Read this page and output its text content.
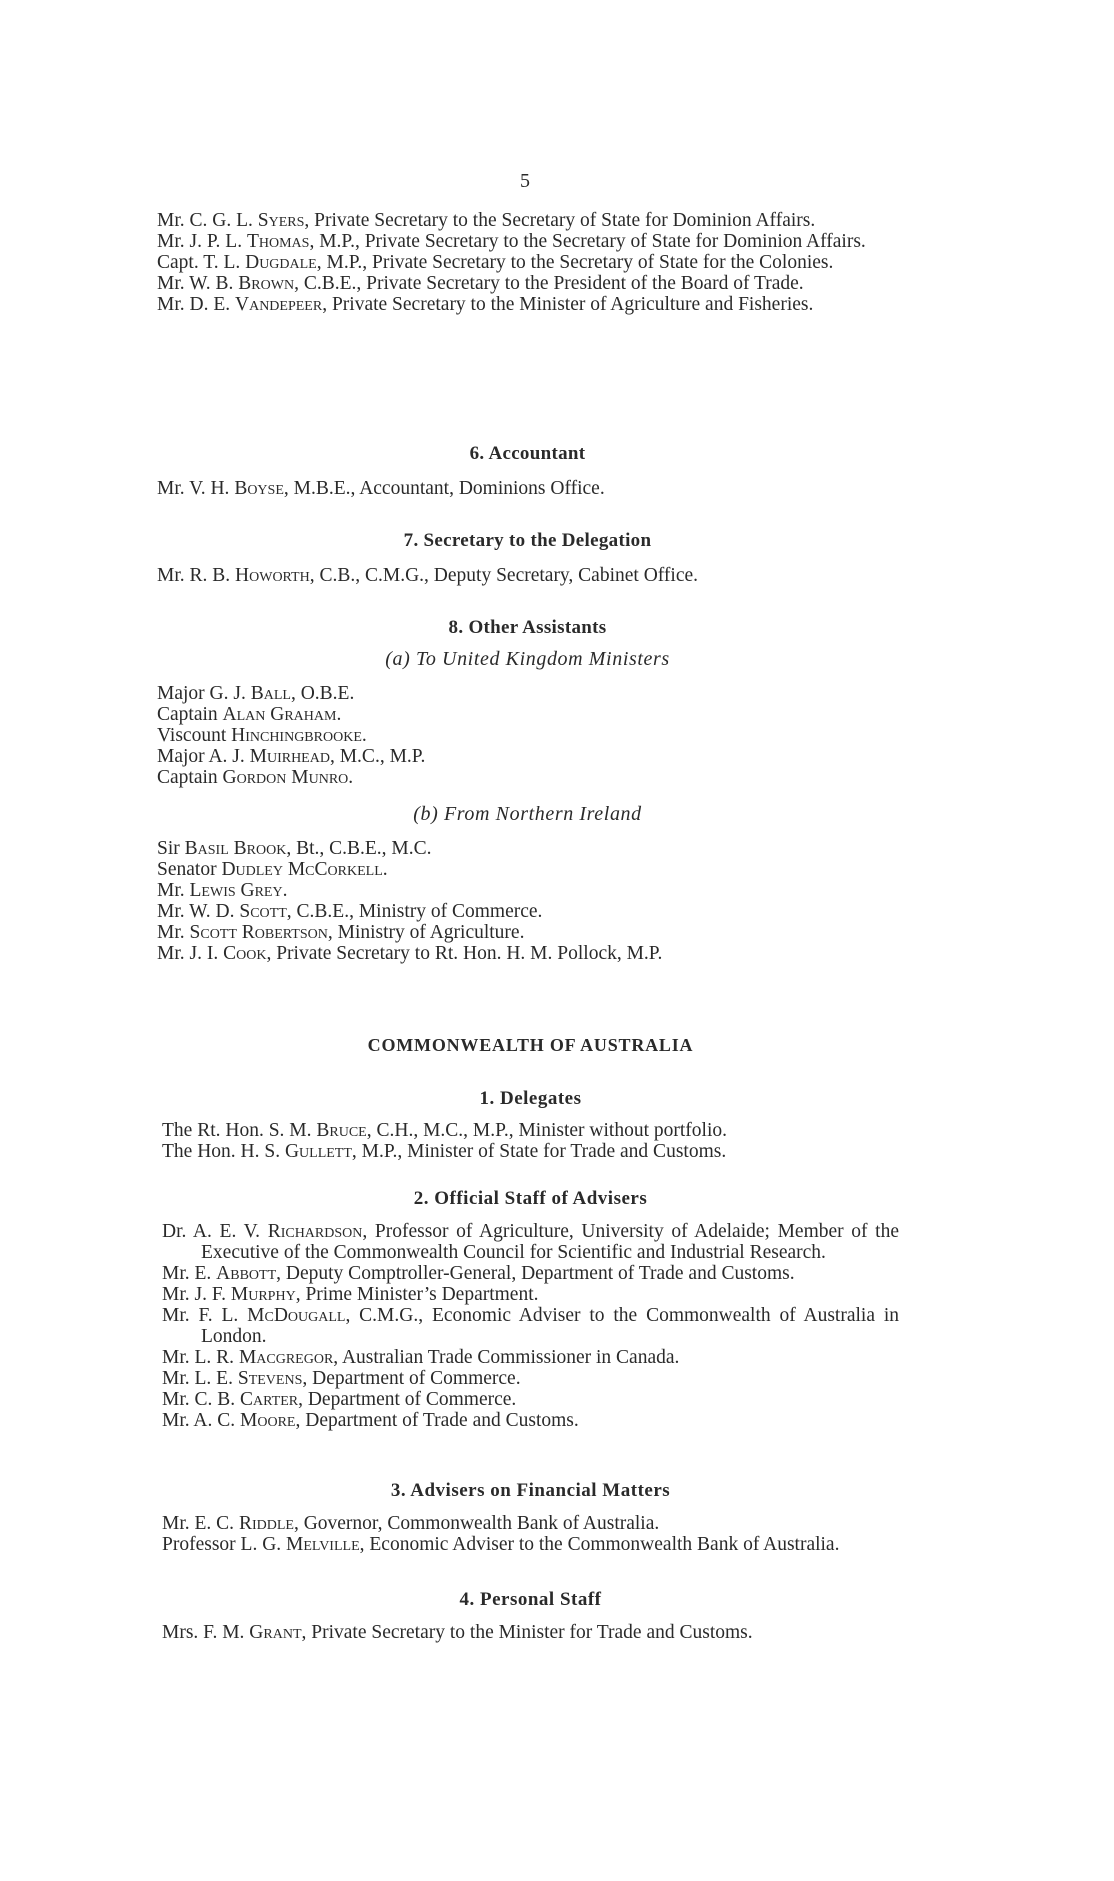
5
Mr. C. G. L. Syers, Private Secretary to the Secretary of State for Dominion Affairs.
Mr. J. P. L. Thomas, M.P., Private Secretary to the Secretary of State for Dominion Affairs.
Capt. T. L. Dugdale, M.P., Private Secretary to the Secretary of State for the Colonies.
Mr. W. B. Brown, C.B.E., Private Secretary to the President of the Board of Trade.
Mr. D. E. Vandepeer, Private Secretary to the Minister of Agriculture and Fisheries.
6. Accountant
Mr. V. H. Boyse, M.B.E., Accountant, Dominions Office.
7. Secretary to the Delegation
Mr. R. B. Howorth, C.B., C.M.G., Deputy Secretary, Cabinet Office.
8. Other Assistants
(a) To United Kingdom Ministers
Major G. J. Ball, O.B.E.
Captain Alan Graham.
Viscount Hinchingbrooke.
Major A. J. Muirhead, M.C., M.P.
Captain Gordon Munro.
(b) From Northern Ireland
Sir Basil Brook, Bt., C.B.E., M.C.
Senator Dudley McCorkell.
Mr. Lewis Grey.
Mr. W. D. Scott, C.B.E., Ministry of Commerce.
Mr. Scott Robertson, Ministry of Agriculture.
Mr. J. I. Cook, Private Secretary to Rt. Hon. H. M. Pollock, M.P.
COMMONWEALTH OF AUSTRALIA
1. Delegates
The Rt. Hon. S. M. Bruce, C.H., M.C., M.P., Minister without portfolio.
The Hon. H. S. Gullett, M.P., Minister of State for Trade and Customs.
2. Official Staff of Advisers
Dr. A. E. V. Richardson, Professor of Agriculture, University of Adelaide; Member of the Executive of the Commonwealth Council for Scientific and Industrial Research.
Mr. E. Abbott, Deputy Comptroller-General, Department of Trade and Customs.
Mr. J. F. Murphy, Prime Minister’s Department.
Mr. F. L. McDougall, C.M.G., Economic Adviser to the Commonwealth of Australia in London.
Mr. L. R. Macgregor, Australian Trade Commissioner in Canada.
Mr. L. E. Stevens, Department of Commerce.
Mr. C. B. Carter, Department of Commerce.
Mr. A. C. Moore, Department of Trade and Customs.
3. Advisers on Financial Matters
Mr. E. C. Riddle, Governor, Commonwealth Bank of Australia.
Professor L. G. Melville, Economic Adviser to the Commonwealth Bank of Australia.
4. Personal Staff
Mrs. F. M. Grant, Private Secretary to the Minister for Trade and Customs.
